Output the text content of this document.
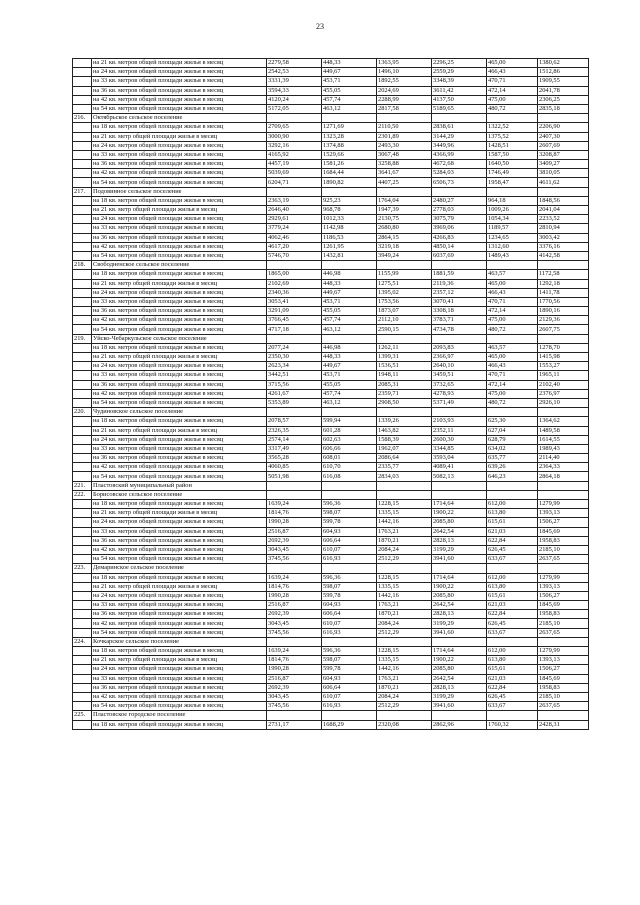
23
	на 21 кв. метров общей площади жилья в месяц	2279,58	448,33	1363,95	2296,25	465,00	1380,62
	на 24 кв. метров общей площади жилья в месяц	2542,53	449,67	1496,10	2559,29	466,43	1512,86
	на 33 кв. метров общей площади жилья в месяц	3331,39	453,71	1892,55	3348,39	470,71	1909,55
	на 36 кв. метров общей площади жилья в месяц	3594,33	455,05	2024,69	3611,42	472,14	2041,78
	на 42 кв. метров общей площади жилья в месяц	4120,24	457,74	2288,99	4137,50	475,00	2306,25
	на 54 кв. метров общей площади жилья в месяц	5172,05	463,12	2817,58	5189,65	480,72	2835,18
216.	Октябрьское сельское поселение						
	на 18 кв. метров общей площади жилья в месяц	2709,65	1271,69	2110,50	2838,61	1322,52	2206,90
	на 21 кв. метр общей площади жилья в месяц	3000,90	1323,28	2301,89	3144,29	1375,52	2407,30
	на 24 кв. метров общей площади жилья в месяц	3292,16	1374,88	2493,30	3449,96	1428,51	2607,69
	на 33 кв. метров общей площади жилья в месяц	4165,92	1529,66	3067,48	4366,99	1587,50	3208,87
	на 36 кв. метров общей площади жилья в месяц	4457,19	1581,26	3258,88	4672,68	1640,50	3409,27
	на 42 кв. метров общей площади жилья в месяц	5039,69	1684,44	3641,67	5284,03	1746,49	3810,05
	на 54 кв. метров общей площади жилья в месяц	6204,71	1890,82	4407,25	6506,73	1958,47	4611,62
217.	Подовинное сельское поселение						
	на 18 кв. метров общей площади жилья в месяц	2363,19	925,23	1764,04	2480,27	964,18	1848,56
	на 21 кв. метр общей площади жилья в месяц	2646,40	968,78	1947,39	2778,03	1009,26	2041,04
	на 24 кв. метров общей площади жилья в месяц	2929,61	1012,33	2130,75	3075,79	1054,34	2233,52
	на 33 кв. метров общей площади жилья в месяц	3779,24	1142,98	2680,80	3969,06	1189,57	2810,94
	на 36 кв. метров общей площади жилья в месяц	4062,46	1186,53	2864,15	4266,83	1234,65	3003,42
	на 42 кв. метров общей площади жилья в месяц	4617,20	1261,95	3219,18	4850,14	1312,60	3376,16
	на 54 кв. метров общей площади жилья в месяц	5746,70	1432,81	3949,24	6037,69	1489,43	4142,58
218.	Свободненское сельское поселение						
	на 18 кв. метров общей площади жилья в месяц	1865,00	446,98	1155,99	1881,59	463,57	1172,58
	на 21 кв. метр общей площади жилья в месяц	2102,69	448,33	1275,51	2119,36	465,00	1292,18
	на 24 кв. метров общей площади жилья в месяц	2340,36	449,67	1395,02	2357,12	466,43	1411,78
	на 33 кв. метров общей площади жилья в месяц	3053,41	453,71	1753,56	3070,41	470,71	1770,56
	на 36 кв. метров общей площади жилья в месяц	3291,09	455,05	1873,07	3308,18	472,14	1890,16
	на 42 кв. метров общей площади жилья в месяц	3766,45	457,74	2112,10	3783,71	475,00	2129,36
	на 54 кв. метров общей площади жилья в месяц	4717,18	463,12	2590,15	4734,78	480,72	2607,75
219.	Уйско-Чебаркульское сельское поселение						
	на 18 кв. метров общей площади жилья в месяц	2077,24	446,98	1262,11	2093,83	463,57	1278,70
	на 21 кв. метр общей площади жилья в месяц	2350,30	448,33	1399,31	2366,97	465,00	1415,98
	на 24 кв. метров общей площади жилья в месяц	2623,34	449,67	1536,51	2640,10	466,43	1553,27
	на 33 кв. метров общей площади жилья в месяц	3442,51	453,71	1948,11	3459,51	470,71	1965,11
	на 36 кв. метров общей площади жилья в месяц	3715,56	455,05	2085,31	3732,65	472,14	2102,40
	на 42 кв. метров общей площади жилья в месяц	4261,67	457,74	2359,71	4278,93	475,00	2376,97
	на 54 кв. метров общей площади жилья в месяц	5353,89	463,12	2908,50	5371,49	480,72	2926,10
220.	Чудиновское сельское поселение						
	на 18 кв. метров общей площади жилья в месяц	2078,57	599,94	1339,26	2103,93	625,30	1364,62
	на 21 кв. метр общей площади жилья в месяц	2326,35	601,28	1463,82	2352,11	627,04	1489,58
	на 24 кв. метров общей площади жилья в месяц	2574,14	602,63	1588,39	2600,30	628,79	1614,55
	на 33 кв. метров общей площади жилья в месяц	3317,49	606,66	1962,07	3344,85	634,02	1989,43
	на 36 кв. метров общей площади жилья в месяц	3565,28	608,01	2086,64	3593,04	635,77	2114,40
	на 42 кв. метров общей площади жилья в месяц	4060,85	610,70	2335,77	4089,41	639,26	2364,33
	на 54 кв. метров общей площади жилья в месяц	5051,98	616,08	2834,03	5082,13	646,23	2864,18
221.	Пластовский муниципальный район						
222.	Борисовское сельское поселение						
	на 18 кв. метров общей площади жилья в месяц	1639,24	596,36	1228,15	1714,64	612,00	1279,99
	на 21 кв. метр общей площади жилья в месяц	1814,76	598,07	1335,15	1900,22	613,80	1393,13
	на 24 кв. метров общей площади жилья в месяц	1990,28	599,78	1442,16	2085,80	615,61	1506,27
	на 33 кв. метров общей площади жилья в месяц	2516,87	604,93	1763,21	2642,54	621,03	1845,69
	на 36 кв. метров общей площади жилья в месяц	2692,39	606,64	1870,21	2828,13	622,84	1958,83
	на 42 кв. метров общей площади жилья в месяц	3043,45	610,07	2084,24	3199,29	626,45	2185,10
	на 54 кв. метров общей площади жилья в месяц	3745,56	616,93	2512,29	3941,60	633,67	2637,65
223.	Демаринское сельское поселение						
	на 18 кв. метров общей площади жилья в месяц	1639,24	596,36	1228,15	1714,64	612,00	1279,99
	на 21 кв. метр общей площади жилья в месяц	1814,76	598,07	1335,15	1900,22	613,80	1393,13
	на 24 кв. метров общей площади жилья в месяц	1990,28	599,78	1442,16	2085,80	615,61	1506,27
	на 33 кв. метров общей площади жилья в месяц	2516,87	604,93	1763,21	2642,54	621,03	1845,69
	на 36 кв. метров общей площади жилья в месяц	2692,39	606,64	1870,21	2828,13	622,84	1958,83
	на 42 кв. метров общей площади жилья в месяц	3043,45	610,07	2084,24	3199,29	626,45	2185,10
	на 54 кв. метров общей площади жилья в месяц	3745,56	616,93	2512,29	3941,60	633,67	2637,65
224.	Кочкарское сельское поселение						
	на 18 кв. метров общей площади жилья в месяц	1639,24	596,36	1228,15	1714,64	612,00	1279,99
	на 21 кв. метр общей площади жилья в месяц	1814,76	598,07	1335,15	1900,22	613,80	1393,13
	на 24 кв. метров общей площади жилья в месяц	1990,28	599,78	1442,16	2085,80	615,61	1506,27
	на 33 кв. метров общей площади жилья в месяц	2516,87	604,93	1763,21	2642,54	621,03	1845,69
	на 36 кв. метров общей площади жилья в месяц	2692,39	606,64	1870,21	2828,13	622,84	1958,83
	на 42 кв. метров общей площади жилья в месяц	3043,45	610,07	2084,24	3199,29	626,45	2185,10
	на 54 кв. метров общей площади жилья в месяц	3745,56	616,93	2512,29	3941,60	633,67	2637,65
225.	Пластовское городское поселение						
	на 18 кв. метров общей площади жилья в месяц	2731,17	1688,29	2320,08	2862,96	1760,32	2428,31
